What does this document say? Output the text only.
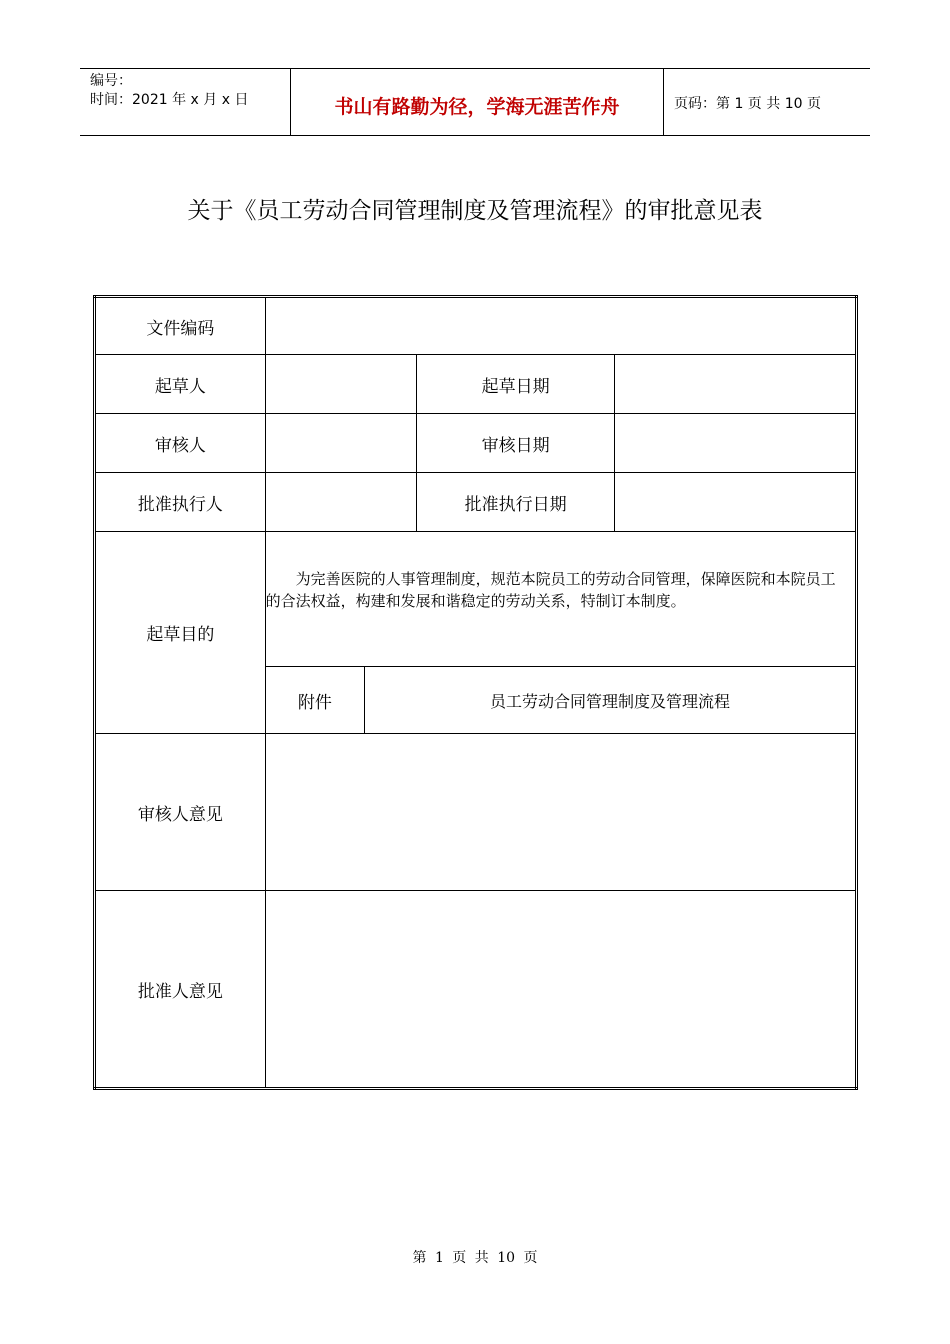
编号：
时间：2021 年 x 月 x 日	书山有路勤为径，学海无涯苦作舟	页码：第 1 页 共 10 页
关于《员工劳动合同管理制度及管理流程》的审批意见表
文件编码				
起草人			起草日期	
审核人			审核日期	
批准执行人			批准执行日期	
起草目的	为完善医院的人事管理制度，规范本院员工的劳动合同管理，保障医院和本院员工的合法权益，构建和发展和谐稳定的劳动关系，特制订本制度。			
	附件	员工劳动合同管理制度及管理流程		
审核人意见				
批准人意见				
第 1 页 共 10 页
